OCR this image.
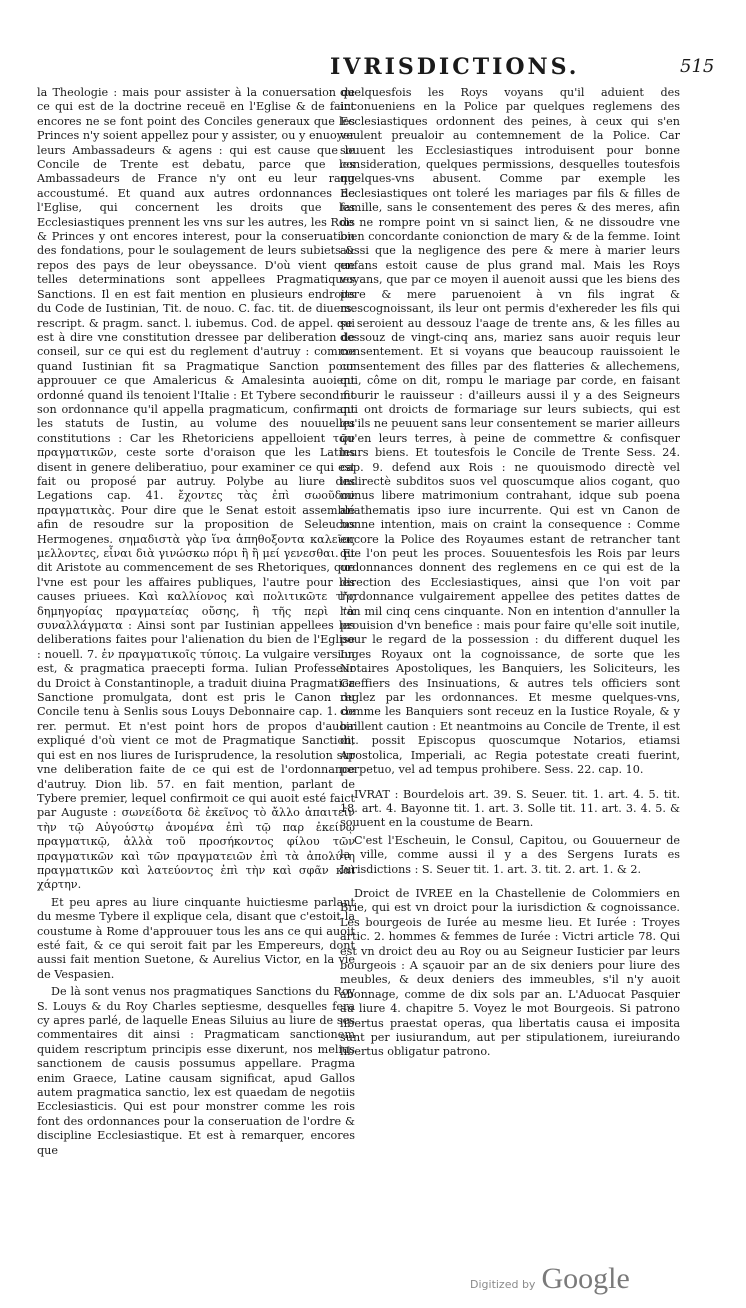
IVRISDICTIONS.	515

la Theologie : mais pour assister à la conuersation de ce qui est de la doctrine receuë en l'Eglise & de faict encores ne se font point des Conciles generaux que les Princes n'y soient appellez pour y assister, ou y enuoyer leurs Ambassadeurs & agens : qui est cause que le Concile de Trente est debatu, parce que les Ambassadeurs de France n'y ont eu leur rang accoustumé. Et quand aux autres ordonnances de l'Eglise, qui concernent les droits que les Ecclesiastiques prennent les vns sur les autres, les Rois & Princes y ont encores interest, pour la conseruation des fondations, pour le soulagement de leurs subiets & repos des pays de leur obeyssance. D'où vient que telles determinations sont appellees Pragmatiques Sanctions. Il en est fait mention en plusieurs endroits du Code de Iustinian, Tit. de nouo. C. fac. tit. de diuers. rescript. & pragm. sanct. l. iubemus. Cod. de appel. qui est à dire vne constitution dressee par deliberation de conseil, sur ce qui est du reglement d'autruy : comme quand Iustinian fit sa Pragmatique Sanction pour approuuer ce que Amalericus & Amalesinta auoient ordonné quand ils tenoient l'Italie : Et Tybere second fit son ordonnance qu'il appella pragmaticum, confirmant les statuts de Iustin, au volume des nouuelles constitutions : Car les Rhetoriciens appelloient τῶν πραγματικῶν, ceste sorte d'oraison que les Latins disent in genere deliberatiuo, pour examiner ce qui est fait ou proposé par autruy. Polybe au liure des Legations cap. 41. ἔχοντες τὰς ἐπὶ σωοῦδον πραγματικὰς. Pour dire que le Senat estoit assemblé afin de resoudre sur la proposition de Seleucus Hermogenes. σημαδιστὰ γὰρ ἵνα ἀπηθοξοντα καλεῖος μελλοντες, εἶναι διὰ γινώσκω πόρι ἢ ἢ μεί γενεσθαι. Et dit Aristote au commencement de ses Rhetoriques, que l'vne est pour les affaires publiques, l'autre pour les causes priuees. Καὶ καλλίονος καὶ πολιτικῶτε τῆς δημηγορίας πραγματείας οὔσης, ἢ τῆς περὶ τὰ συναλλάγματα : Ainsi sont par Iustinian appellees les deliberations faites pour l'alienation du bien de l'Eglise : nouell. 7. ἐν πραγματικοῖς τύποις. La vulgaire version est, & pragmatica praecepti forma. Iulian Professeur du Droict à Constantinople, a traduit diuina Pragmatica Sanctione promulgata, dont est pris le Canon du Concile tenu à Senlis sous Louys Debonnaire cap. 1. de rer. permut. Et n'est point hors de propos d'auoir expliqué d'où vient ce mot de Pragmatique Sanction, qui est en nos liures de Iurisprudence, la resolution sur vne deliberation faite de ce qui est de l'ordonnance d'autruy. Dion lib. 57. en fait mention, parlant de Tybere premier, lequel confirmoit ce qui auoit esté faict par Auguste : σωνείδοτα δὲ ἐκεῖνος τὸ ἄλλο ἀπαιτεῖν τὴν τῷ Αὐγούστῳ ἀνομένα ἐπὶ τῷ παρ ἐκείνῳ πραγματικῷ, ἀλλὰ τοῦ προσήκοντος φίλου τῶν πραγματικῶν καὶ τῶν πραγματειῶν ἐπὶ τὰ ἀπολύτη πραγματικῶν καὶ λατεύοντος ἐπὶ τὴν καὶ σφᾶν καὶ χάρτην.

Et peu apres au liure cinquante huictiesme parlant du mesme Tybere il explique cela, disant que c'estoit la coustume à Rome d'approuuer tous les ans ce qui auoit esté fait, & ce qui seroit fait par les Empereurs, dont aussi fait mention Suetone, & Aurelius Victor, en la vie de Vespasien.

De là sont venus nos pragmatiques Sanctions du Roy S. Louys & du Roy Charles septiesme, desquelles fera cy apres parlé, de laquelle Eneas Siluius au liure de ses commentaires dit ainsi : Pragmaticam sanctionem quidem rescriptum principis esse dixerunt, nos melius sanctionem de causis possumus appellare. Pragma enim Graece, Latine causam significat, apud Gallos autem pragmatica sanctio, lex est quaedam de negotiis Ecclesiasticis. Qui est pour monstrer comme les rois font des ordonnances pour la conseruation de l'ordre & discipline Ecclesiastique. Et est à remarquer, encores que

quelquesfois les Roys voyans qu'il aduient des inconueniens en la Police par quelques reglemens des Ecclesiastiques ordonnent des peines, à ceux qui s'en veulent preualoir au contemnement de la Police. Car souuent les Ecclesiastiques introduisent pour bonne consideration, quelques permissions, desquelles toutesfois quelques-vns abusent. Comme par exemple les Ecclesiastiques ont toleré les mariages par fils & filles de famille, sans le consentement des peres & des meres, afin de ne rompre point vn si sainct lien, & ne dissoudre vne bien concordante conionction de mary & de la femme. Ioint aussi que la negligence des pere & mere à marier leurs enfans estoit cause de plus grand mal. Mais les Roys voyans, que par ce moyen il auenoit aussi que les biens des pere & mere paruenoient à vn fils ingrat & mescognoissant, ils leur ont permis d'exhereder les fils qui se seroient au dessouz l'aage de trente ans, & les filles au dessouz de vingt-cinq ans, mariez sans auoir requis leur consentement. Et si voyans que beaucoup rauissoient le consentement des filles par des flatteries & allechemens, qui, côme on dit, rompu le mariage par corde, en faisant mourir le rauisseur : d'ailleurs aussi il y a des Seigneurs qui ont droicts de formariage sur leurs subiects, qui est qu'ils ne peuuent sans leur consentement se marier ailleurs qu'en leurs terres, à peine de commettre & confisquer leurs biens. Et toutesfois le Concile de Trente Sess. 24. cap. 9. defend aux Rois : ne quouismodo directè vel indirectè subditos suos vel quoscumque alios cogant, quo minus libere matrimonium contrahant, idque sub poena anathematis ipso iure incurrente. Qui est vn Canon de bonne intention, mais on craint la consequence : Comme encore la Police des Royaumes estant de retrancher tant que l'on peut les proces. Souuentesfois les Rois par leurs ordonnances donnent des reglemens en ce qui est de la direction des Ecclesiastiques, ainsi que l'on voit par l'ordonnance vulgairement appellee des petites dattes de l'an mil cinq cens cinquante. Non en intention d'annuller la prouision d'vn benefice : mais pour faire qu'elle soit inutile, pour le regard de la possession : du different duquel les Iuges Royaux ont la cognoissance, de sorte que les Notaires Apostoliques, les Banquiers, les Soliciteurs, les Greffiers des Insinuations, & autres tels officiers sont reglez par les ordonnances. Et mesme quelques-vns, comme les Banquiers sont receuz en la Iustice Royale, & y baillent caution : Et neantmoins au Concile de Trente, il est dit. possit Episcopus quoscumque Notarios, etiamsi Apostolica, Imperiali, ac Regia potestate creati fuerint, perpetuo, vel ad tempus prohibere. Sess. 22. cap. 10.

IVRAT : Bourdelois art. 39. S. Seuer. tit. 1. art. 4. 5. tit. 18. art. 4. Bayonne tit. 1. art. 3. Solle tit. 11. art. 3. 4. 5. & souuent en la coustume de Bearn.

C'est l'Escheuin, le Consul, Capitou, ou Gouuerneur de la ville, comme aussi il y a des Sergens Iurats es Iurisdictions : S. Seuer tit. 1. art. 3. tit. 2. art. 1. & 2.

Droict de IVREE en la Chastellenie de Colommiers en Brie, qui est vn droict pour la iurisdiction & cognoissance. Les bourgeois de Iurée au mesme lieu. Et Iurée : Troyes artic. 2. hommes & femmes de Iurée : Victri article 78. Qui est vn droict deu au Roy ou au Seigneur Iusticier par leurs bourgeois : A sçauoir par an de six deniers pour liure des meubles, & deux deniers des immeubles, s'il n'y auoit abonnage, comme de dix sols par an. L'Aduocat Pasquier au liure 4. chapitre 5. Voyez le mot Bourgeois. Si patrono libertus praestat operas, qua libertatis causa ei imposita sunt per iusiurandum, aut per stipulationem, iureiurando libertus obligatur patrono.

Digitized by Google
